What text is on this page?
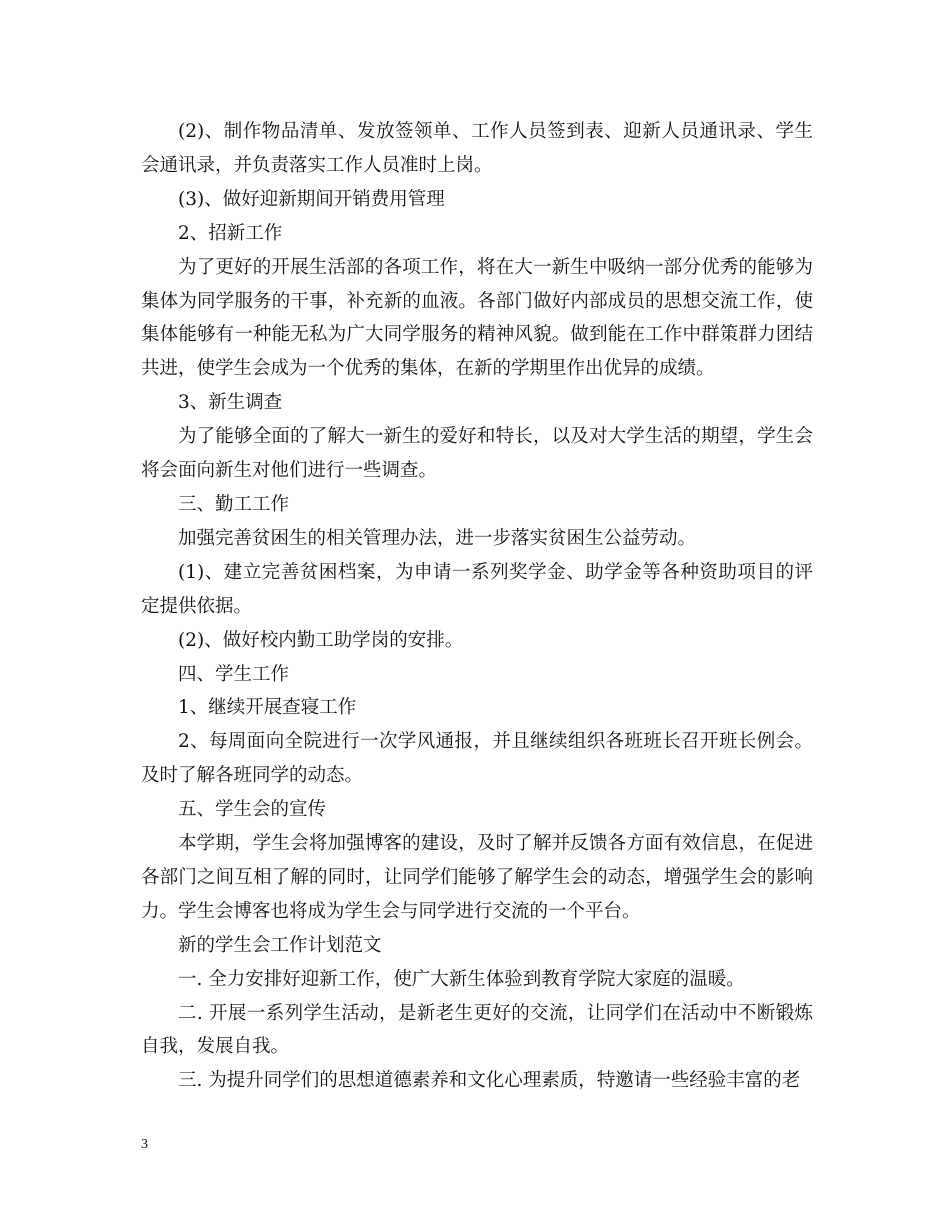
(2)、制作物品清单、发放签领单、工作人员签到表、迎新人员通讯录、学生会通讯录，并负责落实工作人员准时上岗。

(3)、做好迎新期间开销费用管理

2、招新工作

为了更好的开展生活部的各项工作，将在大一新生中吸纳一部分优秀的能够为集体为同学服务的干事，补充新的血液。各部门做好内部成员的思想交流工作，使集体能够有一种能无私为广大同学服务的精神风貌。做到能在工作中群策群力团结共进，使学生会成为一个优秀的集体，在新的学期里作出优异的成绩。

3、新生调查

为了能够全面的了解大一新生的爱好和特长，以及对大学生活的期望，学生会将会面向新生对他们进行一些调查。

三、勤工工作

加强完善贫困生的相关管理办法，进一步落实贫困生公益劳动。

(1)、建立完善贫困档案，为申请一系列奖学金、助学金等各种资助项目的评定提供依据。

(2)、做好校内勤工助学岗的安排。

四、学生工作

1、继续开展查寝工作

2、每周面向全院进行一次学风通报，并且继续组织各班班长召开班长例会。及时了解各班同学的动态。

五、学生会的宣传

本学期，学生会将加强博客的建设，及时了解并反馈各方面有效信息，在促进各部门之间互相了解的同时，让同学们能够了解学生会的动态，增强学生会的影响力。学生会博客也将成为学生会与同学进行交流的一个平台。

新的学生会工作计划范文

一. 全力安排好迎新工作，使广大新生体验到教育学院大家庭的温暖。

二. 开展一系列学生活动，是新老生更好的交流，让同学们在活动中不断锻炼自我，发展自我。

三. 为提升同学们的思想道德素养和文化心理素质，特邀请一些经验丰富的老

3
